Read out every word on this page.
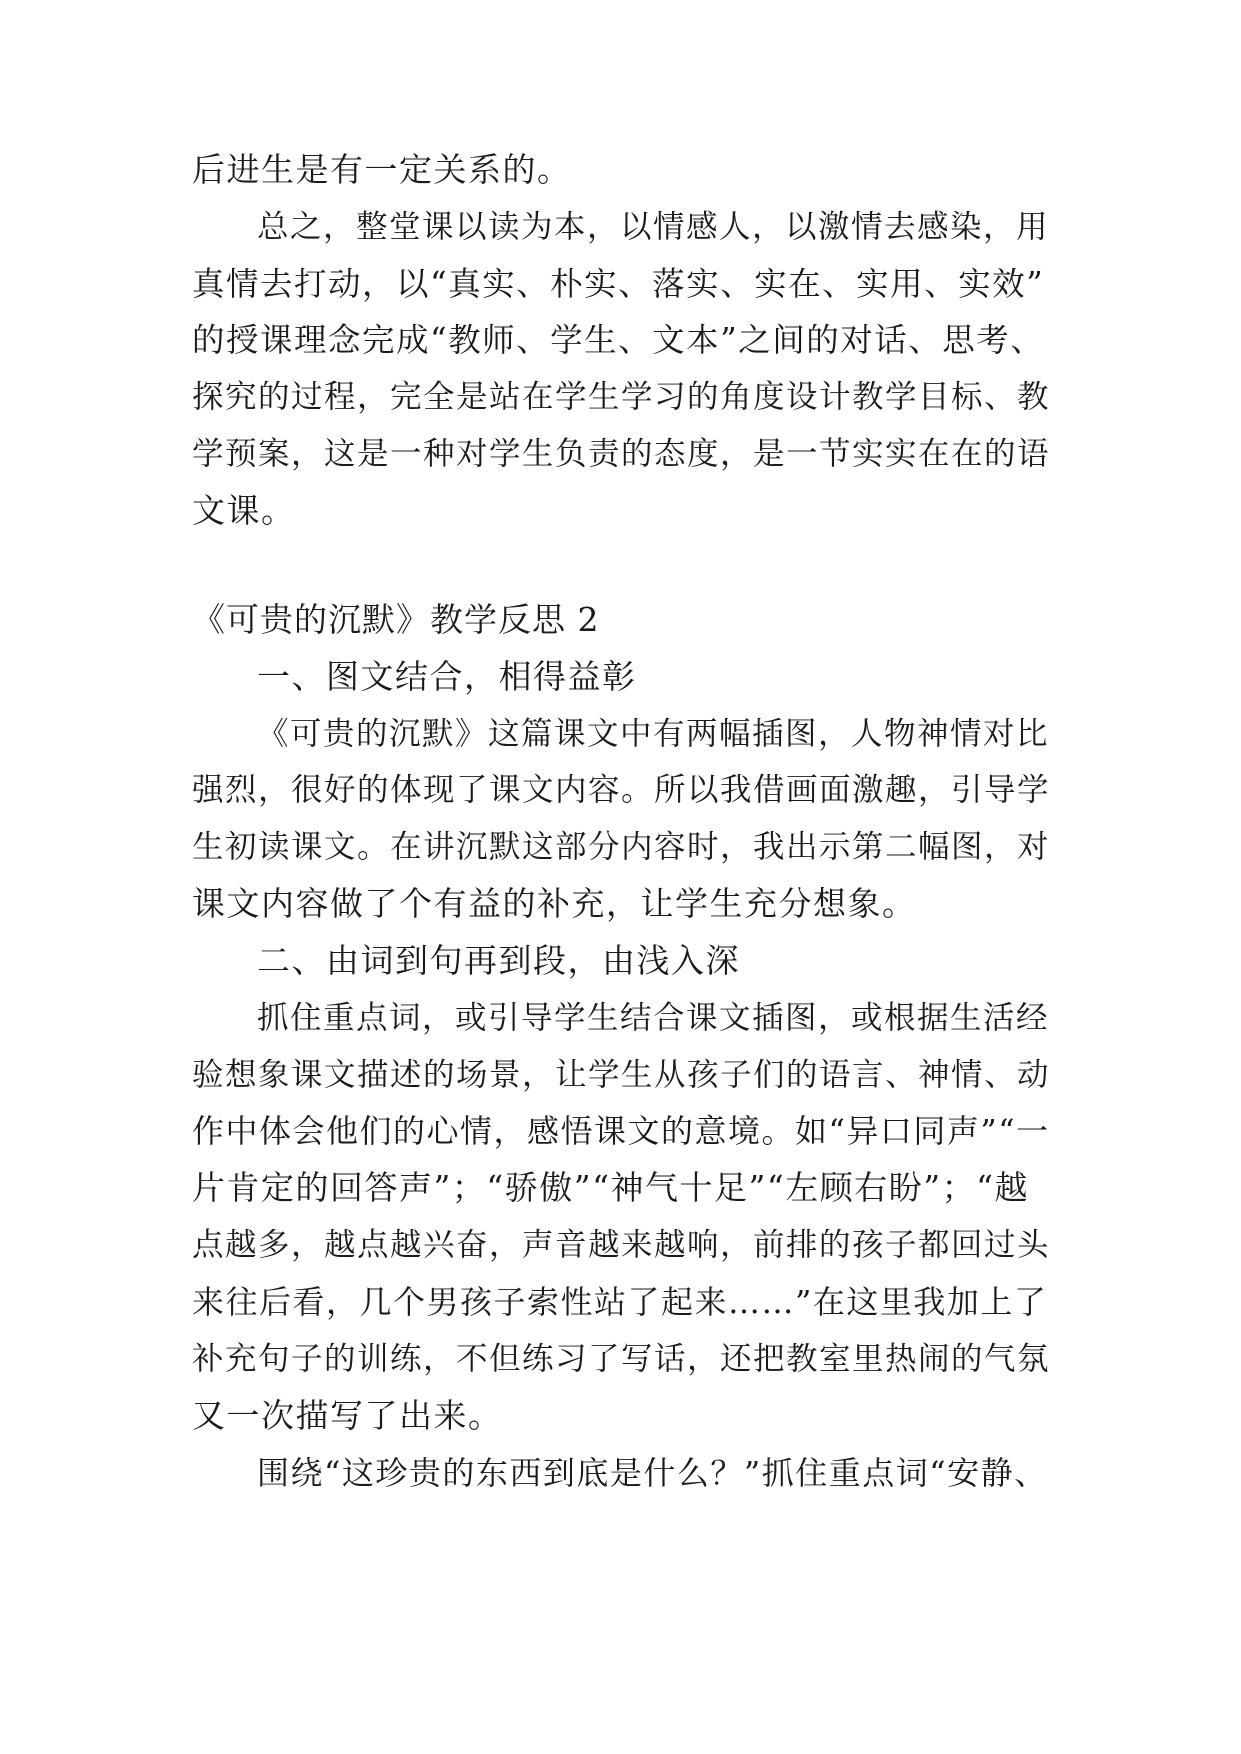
后进生是有一定关系的。
总之，整堂课以读为本，以情感人，以激情去感染，用
真情去打动，以“真实、朴实、落实、实在、实用、实效”
的授课理念完成“教师、学生、文本”之间的对话、思考、
探究的过程，完全是站在学生学习的角度设计教学目标、教
学预案，这是一种对学生负责的态度，是一节实实在在的语
文课。
《可贵的沉默》教学反思 2
一、图文结合，相得益彰
《可贵的沉默》这篇课文中有两幅插图，人物神情对比
强烈，很好的体现了课文内容。所以我借画面激趣，引导学
生初读课文。在讲沉默这部分内容时，我出示第二幅图，对
课文内容做了个有益的补充，让学生充分想象。
二、由词到句再到段，由浅入深
抓住重点词，或引导学生结合课文插图，或根据生活经
验想象课文描述的场景，让学生从孩子们的语言、神情、动
作中体会他们的心情，感悟课文的意境。如“异口同声”“一
片肯定的回答声”；“骄傲”“神气十足”“左顾右盼”；“越
点越多，越点越兴奋，声音越来越响，前排的孩子都回过头
来往后看，几个男孩子索性站了起来……”在这里我加上了
补充句子的训练，不但练习了写话，还把教室里热闹的气氛
又一次描写了出来。
围绕“这珍贵的东西到底是什么？”抓住重点词“安静、
